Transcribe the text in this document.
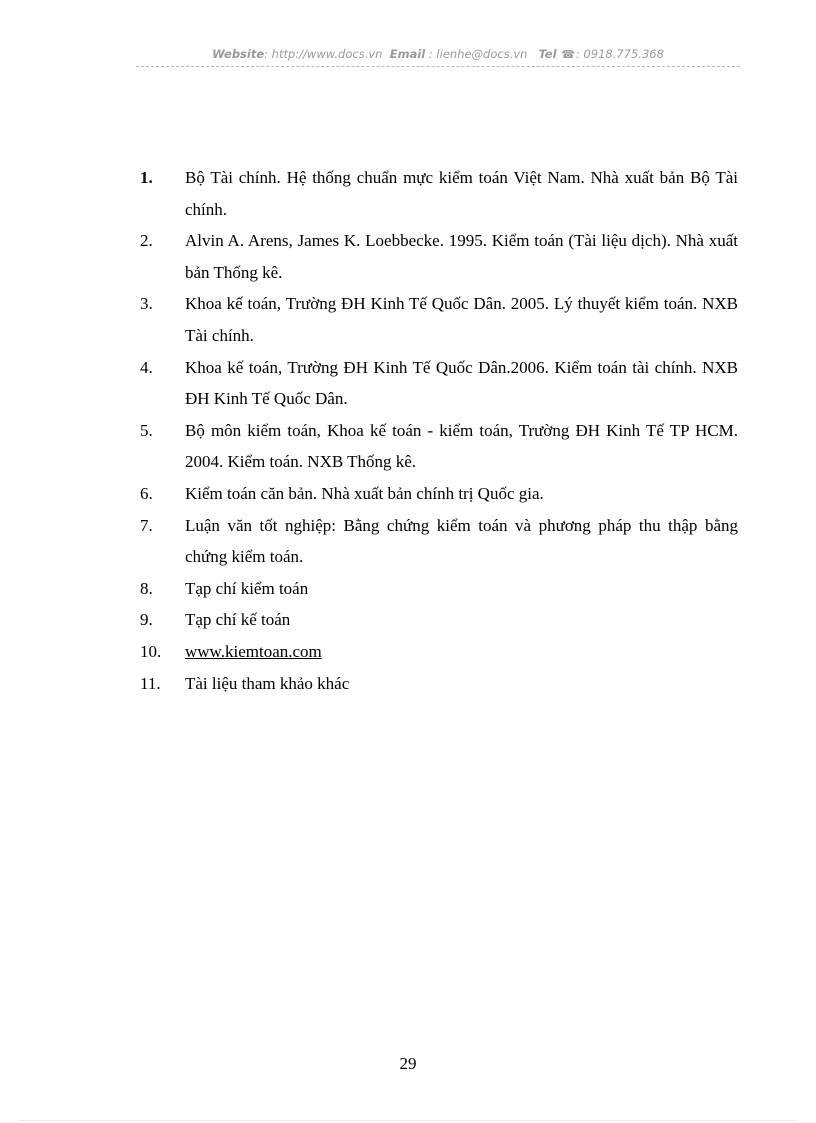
Website: http://www.docs.vn Email : lienhe@docs.vn Tel ☎: 0918.775.368
1. Bộ Tài chính. Hệ thống chuẩn mực kiểm toán Việt Nam. Nhà xuất bản Bộ Tài chính.
2. Alvin A. Arens, James K. Loebbecke. 1995. Kiểm toán (Tài liệu dịch). Nhà xuất bản Thống kê.
3. Khoa kế toán, Trường ĐH Kinh Tế Quốc Dân. 2005. Lý thuyết kiểm toán. NXB Tài chính.
4. Khoa kế toán, Trường ĐH Kinh Tế Quốc Dân.2006. Kiểm toán tài chính. NXB ĐH Kinh Tế Quốc Dân.
5. Bộ môn kiểm toán, Khoa kế toán - kiểm toán, Trường ĐH Kinh Tế TP HCM. 2004. Kiểm toán. NXB Thống kê.
6. Kiểm toán căn bản. Nhà xuất bản chính trị Quốc gia.
7. Luận văn tốt nghiệp: Bằng chứng kiểm toán và phương pháp thu thập bằng chứng kiểm toán.
8. Tạp chí kiểm toán
9. Tạp chí kế toán
10. www.kiemtoan.com
11. Tài liệu tham khảo khác
29
